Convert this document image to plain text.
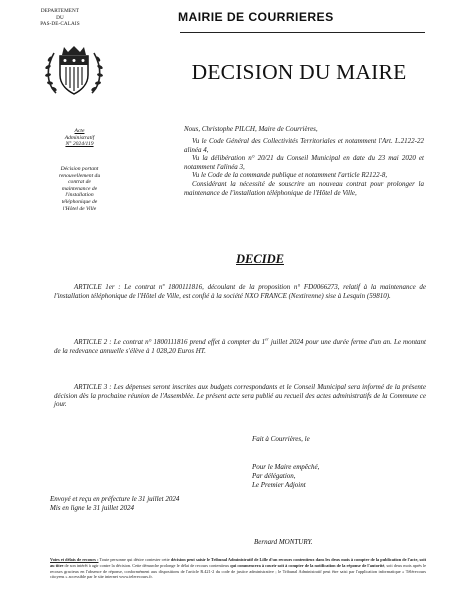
DEPARTEMENT
DU
PAS-DE-CALAIS
MAIRIE DE COURRIERES
DECISION DU MAIRE
Acte
Administratif
N° 2024/119
Décision portant
renouvellement du
contrat de
maintenance de
l'installation
téléphonique de
l'Hôtel de Ville

Nous, Christophe PILCH, Maire de Courrières,

Vu le Code Général des Collectivités Territoriales et notamment l'Art. L.2122-22 alinéa 4,

Vu la délibération n° 20/21 du Conseil Municipal en date du 23 mai 2020 et notamment l'alinéa 3,

Vu le Code de la commande publique et notamment l'article R2122-8,

Considérant la nécessité de souscrire un nouveau contrat pour prolonger la maintenance de l'installation téléphonique de l'Hôtel de Ville,

DECIDE

ARTICLE 1er : Le contrat nº 1800111816, découlant de la proposition n° FD0066273, relatif à la maintenance de l'installation téléphonique de l'Hôtel de Ville, est confié à la société NXO FRANCE (Nextirenne) sise à Lesquin (59810).

ARTICLE 2 : Le contrat n° 1800111816 prend effet à compter du 1er juillet 2024 pour une durée ferme d'un an. Le montant de la redevance annuelle s'élève à 1 028,20 Euros HT.

ARTICLE 3 : Les dépenses seront inscrites aux budgets correspondants et le Conseil Municipal sera informé de la présente décision dès la prochaine réunion de l'Assemblée. Le présent acte sera publié au recueil des actes administratifs de la Commune ce jour.

Fait à Courrières, le
Pour le Maire empêché,
Par délégation,
Le Premier Adjoint
Envoyé et reçu en préfecture le 31 juillet 2024
Mis en ligne le 31 juillet 2024
Bernard MONTURY.
Voies et délais de recours : Toute personne qui désire contester cette décision peut saisir le Tribunal Administratif de Lille d'un recours contentieux dans les deux mois à compter de la publication de l'acte, soit au titre de son intérêt à agir contre la décision. Cette démarche prolonge le délai de recours contentieux qui commencera à courir soit à compter de la notification de la réponse de l'autorité, soit deux mois après le recours gracieux en l'absence de réponse, conformément aux dispositions de l'article R.421-2 du code de justice administrative ; le Tribunal Administratif peut être saisi par l'application informatique « Télérecours citoyens » accessible par le site internet www.telerecours.fr.
